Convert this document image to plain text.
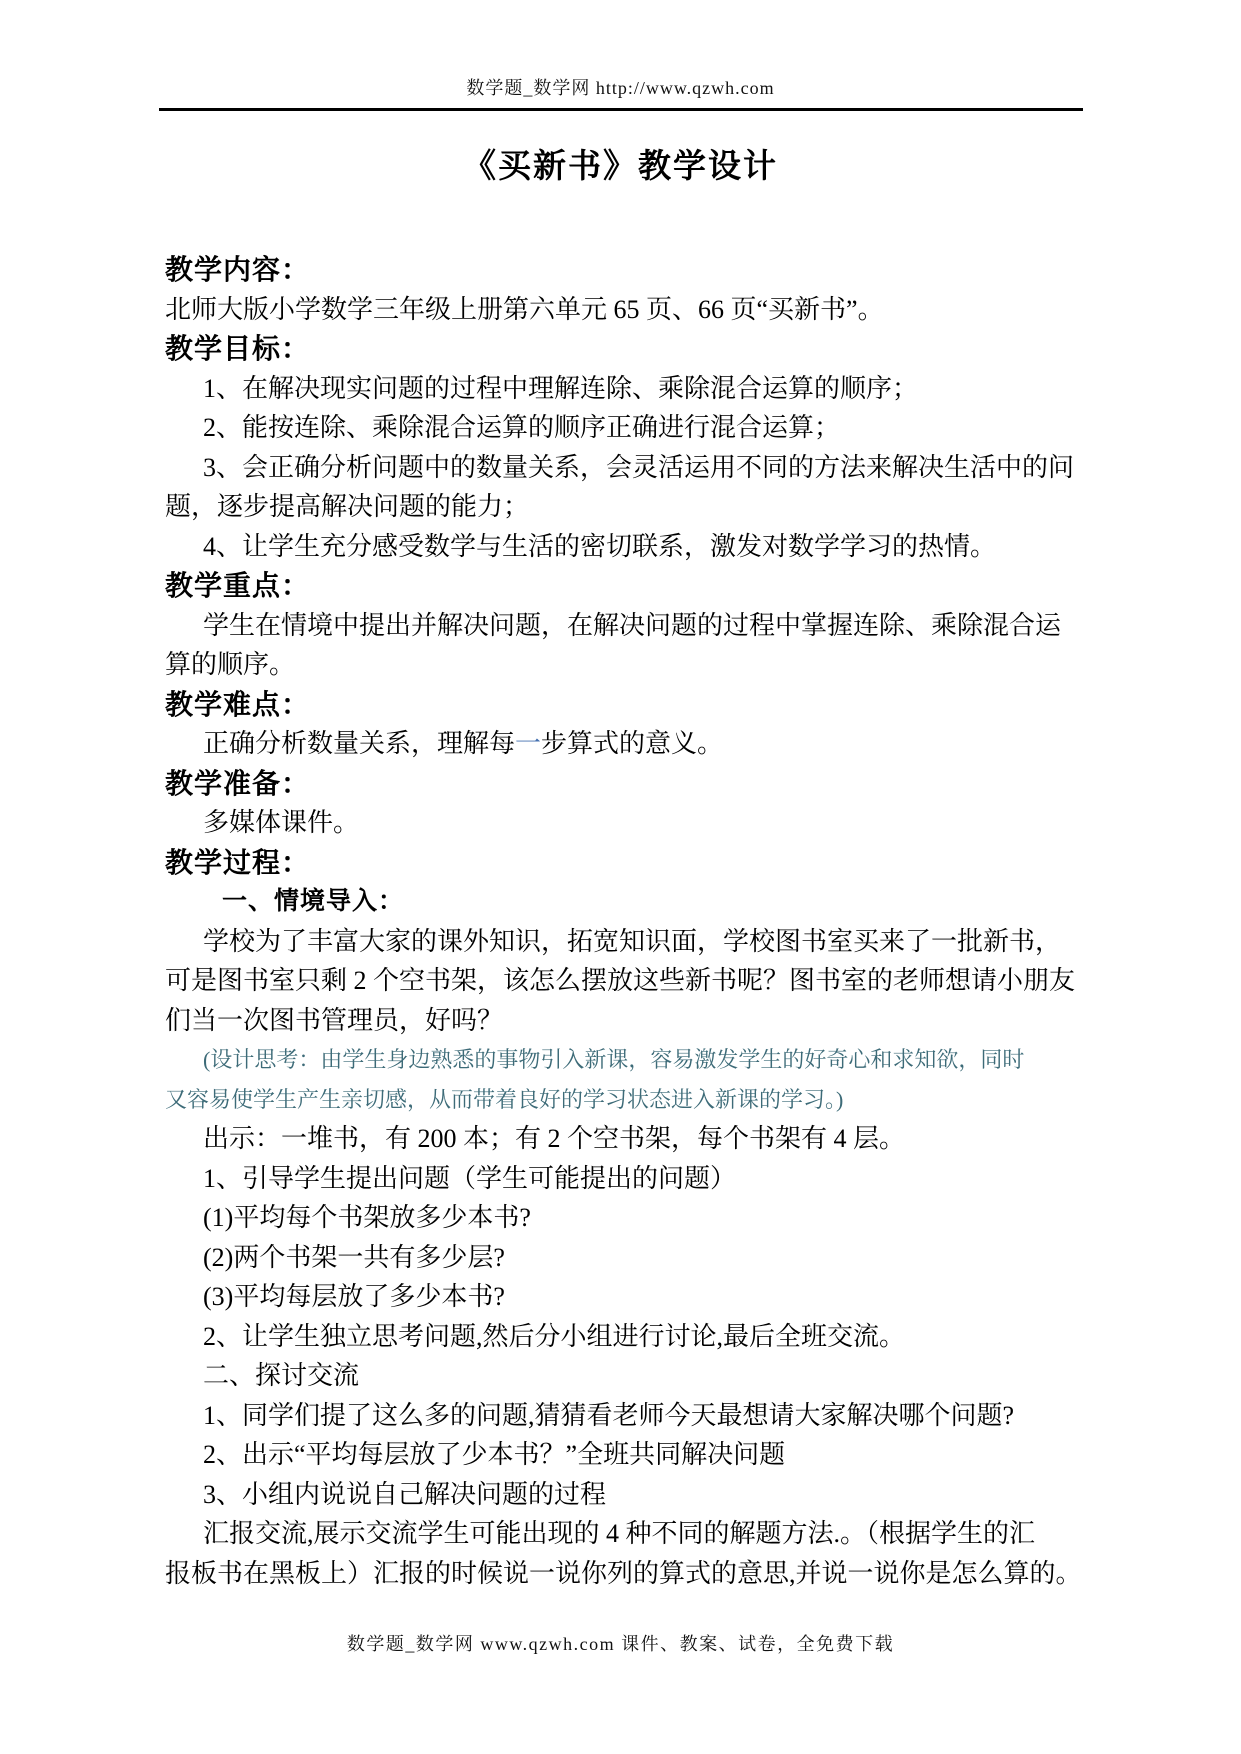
数学题_数学网 http://www.qzwh.com
《买新书》教学设计
教学内容：
北师大版小学数学三年级上册第六单元 65 页、66 页“买新书”。
教学目标：
1、在解决现实问题的过程中理解连除、乘除混合运算的顺序；
2、能按连除、乘除混合运算的顺序正确进行混合运算；
3、会正确分析问题中的数量关系，会灵活运用不同的方法来解决生活中的问
题，逐步提高解决问题的能力；
4、让学生充分感受数学与生活的密切联系，激发对数学学习的热情。
教学重点：
学生在情境中提出并解决问题，在解决问题的过程中掌握连除、乘除混合运
算的顺序。
教学难点：
正确分析数量关系，理解每一步算式的意义。
教学准备：
多媒体课件。
教学过程：
一、情境导入：
学校为了丰富大家的课外知识，拓宽知识面，学校图书室买来了一批新书，
可是图书室只剩 2 个空书架，该怎么摆放这些新书呢？图书室的老师想请小朋友
们当一次图书管理员，好吗？
(设计思考：由学生身边熟悉的事物引入新课，容易激发学生的好奇心和求知欲，同时
又容易使学生产生亲切感，从而带着良好的学习状态进入新课的学习。)
出示：一堆书，有 200 本；有 2 个空书架，每个书架有 4 层。
1、引导学生提出问题（学生可能提出的问题）
(1)平均每个书架放多少本书?
(2)两个书架一共有多少层?
(3)平均每层放了多少本书?
2、让学生独立思考问题,然后分小组进行讨论,最后全班交流。
二、探讨交流
1、同学们提了这么多的问题,猜猜看老师今天最想请大家解决哪个问题?
2、出示“平均每层放了少本书？”全班共同解决问题
3、小组内说说自己解决问题的过程
汇报交流,展示交流学生可能出现的 4 种不同的解题方法.。（根据学生的汇
报板书在黑板上）汇报的时候说一说你列的算式的意思,并说一说你是怎么算的。
数学题_数学网 www.qzwh.com 课件、教案、试卷，全免费下载
